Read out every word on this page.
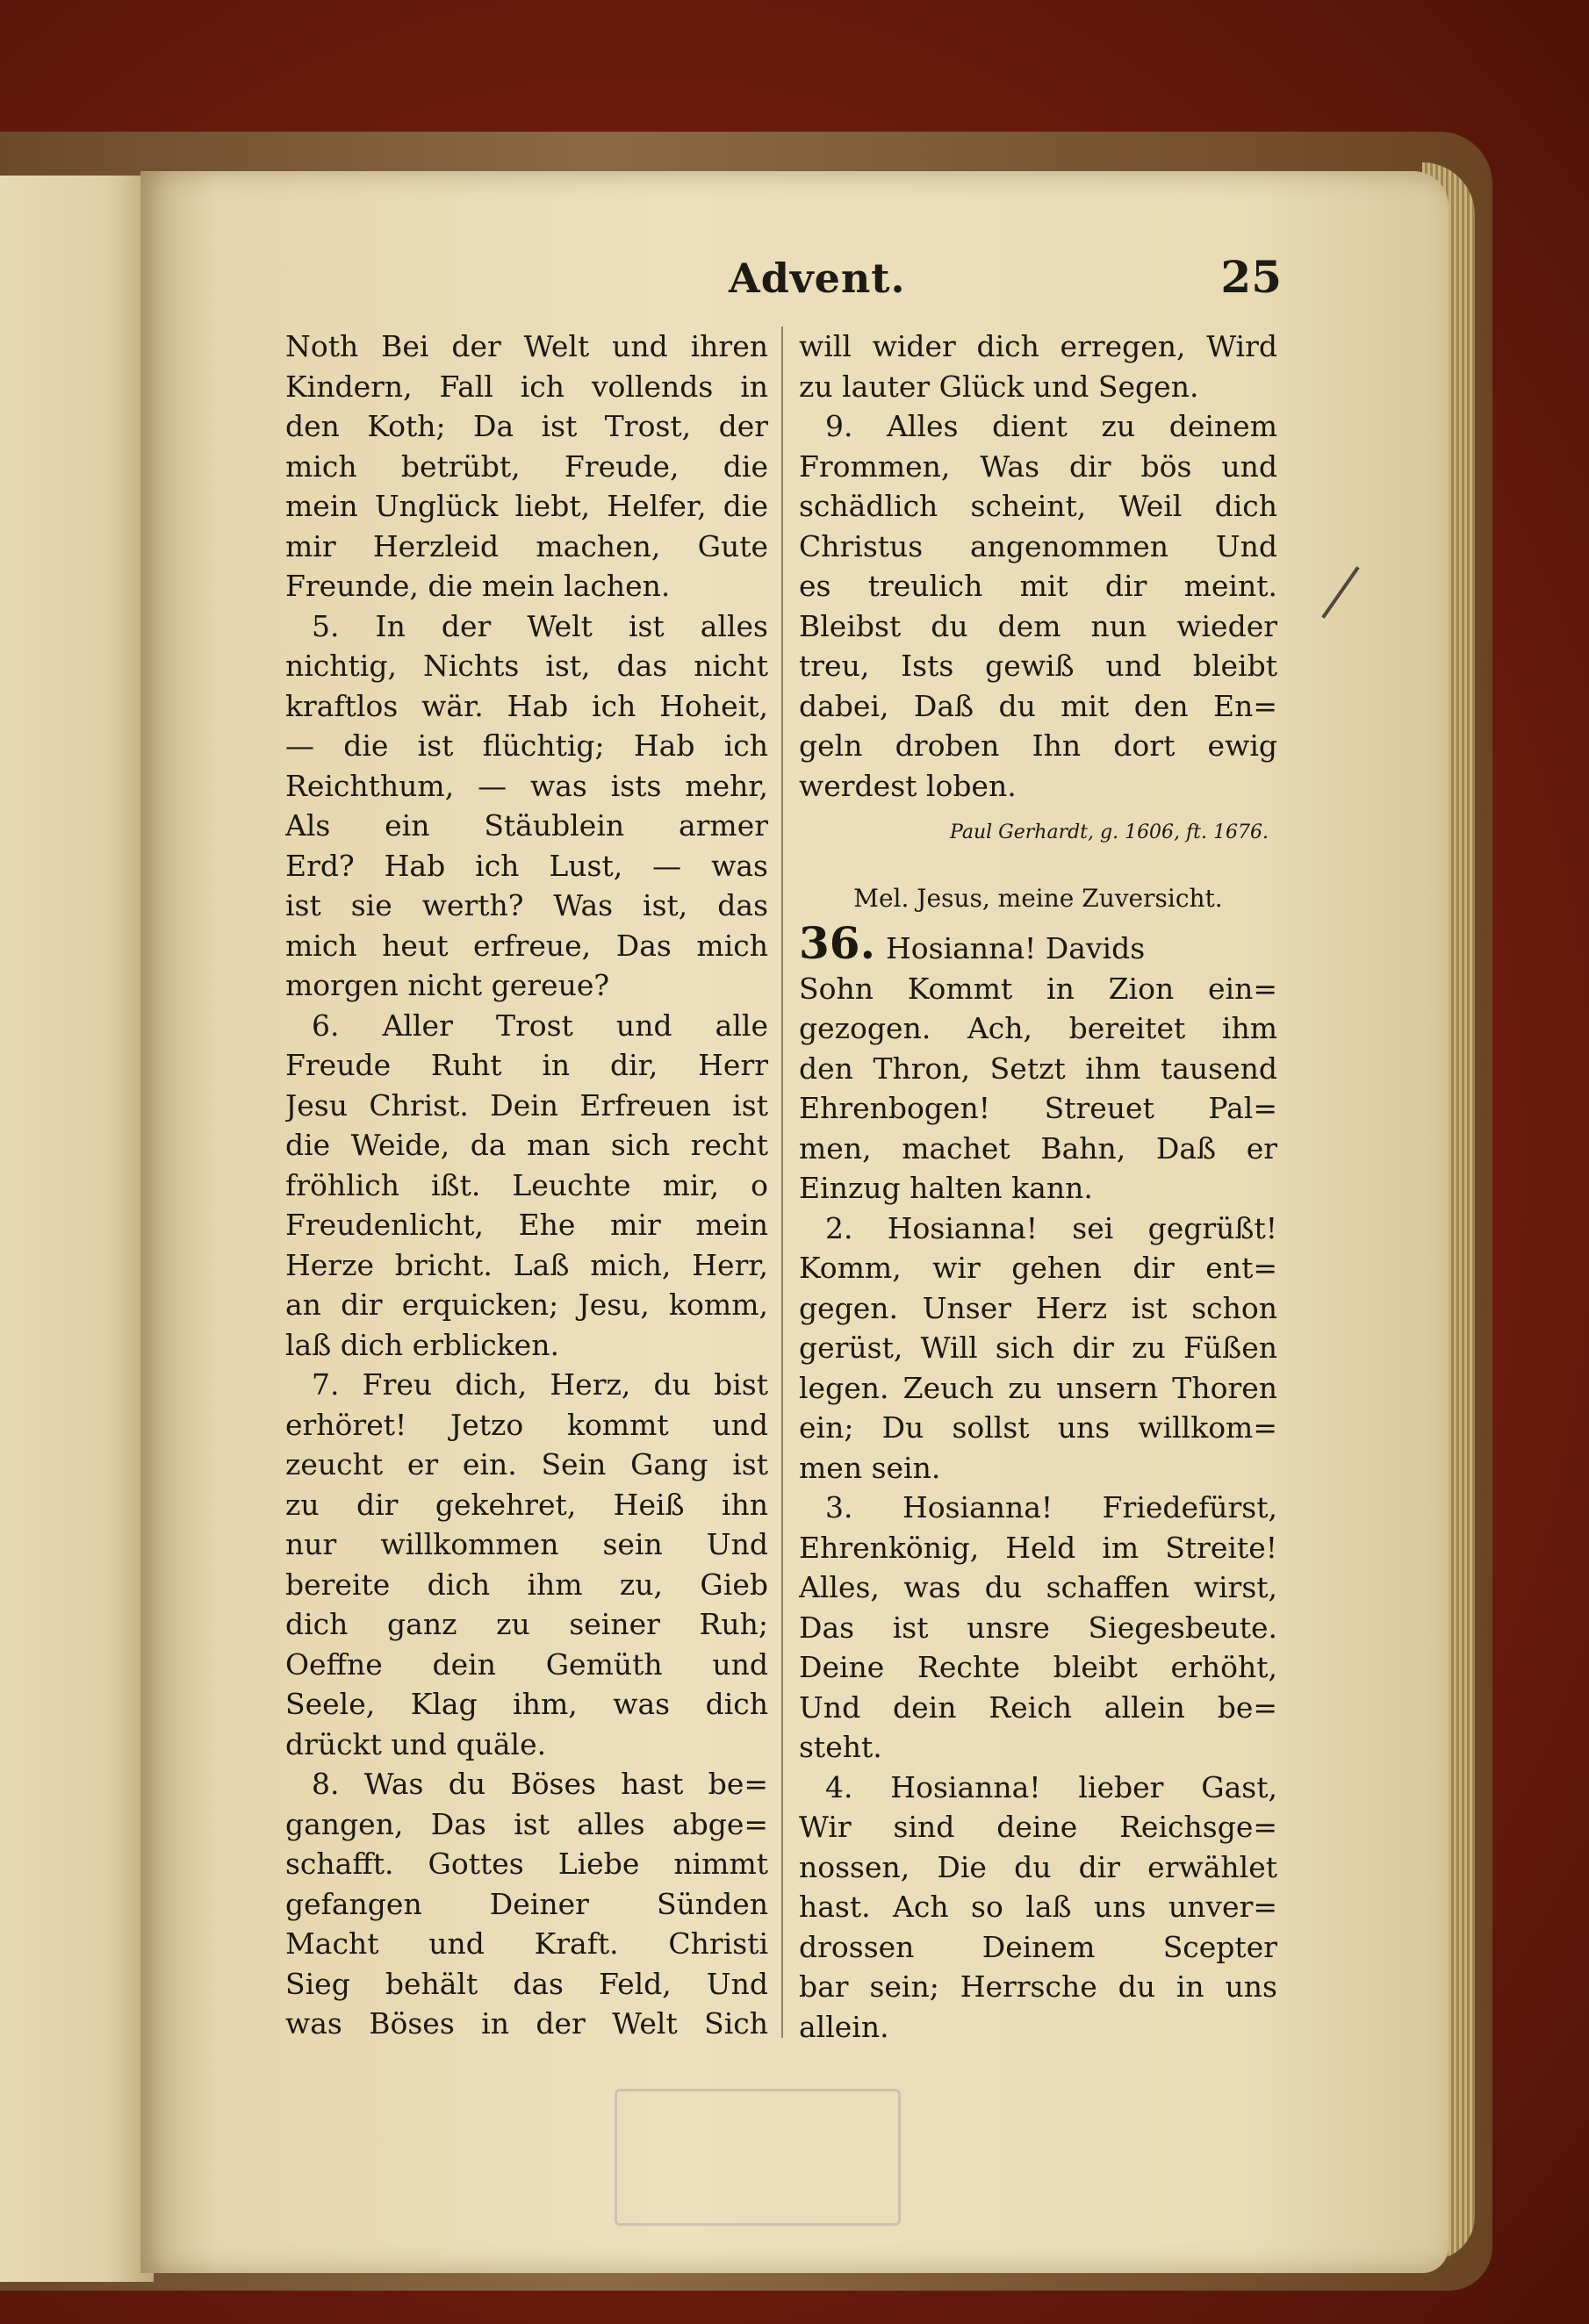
Advent.	25
Noth Bei der Welt und ihren
Kindern, Fall ich vollends in
den Koth; Da ist Trost, der
mich betrübt, Freude, die
mein Unglück liebt, Helfer, die
mir Herzleid machen, Gute
Freunde, die mein lachen.
5. In der Welt ist alles
nichtig, Nichts ist, das nicht
kraftlos wär. Hab ich Hoheit,
— die ist flüchtig; Hab ich
Reichthum, — was ists mehr,
Als ein Stäublein armer
Erd? Hab ich Lust, — was
ist sie werth? Was ist, das
mich heut erfreue, Das mich
morgen nicht gereue?
6. Aller Trost und alle
Freude Ruht in dir, Herr
Jesu Christ. Dein Erfreuen ist
die Weide, da man sich recht
fröhlich ißt. Leuchte mir, o
Freudenlicht, Ehe mir mein
Herze bricht. Laß mich, Herr,
an dir erquicken; Jesu, komm,
laß dich erblicken.
7. Freu dich, Herz, du bist
erhöret! Jetzo kommt und
zeucht er ein. Sein Gang ist
zu dir gekehret, Heiß ihn
nur willkommen sein Und
bereite dich ihm zu, Gieb
dich ganz zu seiner Ruh;
Oeffne dein Gemüth und
Seele, Klag ihm, was dich
drückt und quäle.
8. Was du Böses hast be=
gangen, Das ist alles abge=
schafft. Gottes Liebe nimmt
gefangen Deiner Sünden
Macht und Kraft. Christi
Sieg behält das Feld, Und
was Böses in der Welt Sich
will wider dich erregen, Wird
zu lauter Glück und Segen.
9. Alles dient zu deinem
Frommen, Was dir bös und
schädlich scheint, Weil dich
Christus angenommen Und
es treulich mit dir meint.
Bleibst du dem nun wieder
treu, Ists gewiß und bleibt
dabei, Daß du mit den En=
geln droben Ihn dort ewig
werdest loben.
Paul Gerhardt, g. 1606, ft. 1676.
Mel. Jesus, meine Zuversicht.
36. Hosianna! Davids
Sohn Kommt in Zion ein=
gezogen. Ach, bereitet ihm
den Thron, Setzt ihm tausend
Ehrenbogen! Streuet Pal=
men, machet Bahn, Daß er
Einzug halten kann.
2. Hosianna! sei gegrüßt!
Komm, wir gehen dir ent=
gegen. Unser Herz ist schon
gerüst, Will sich dir zu Füßen
legen. Zeuch zu unsern Thoren
ein; Du sollst uns willkom=
men sein.
3. Hosianna! Friedefürst,
Ehrenkönig, Held im Streite!
Alles, was du schaffen wirst,
Das ist unsre Siegesbeute.
Deine Rechte bleibt erhöht,
Und dein Reich allein be=
steht.
4. Hosianna! lieber Gast,
Wir sind deine Reichsge=
nossen, Die du dir erwählet
hast. Ach so laß uns unver=
drossen Deinem Scepter
bar sein; Herrsche du in uns
allein.
